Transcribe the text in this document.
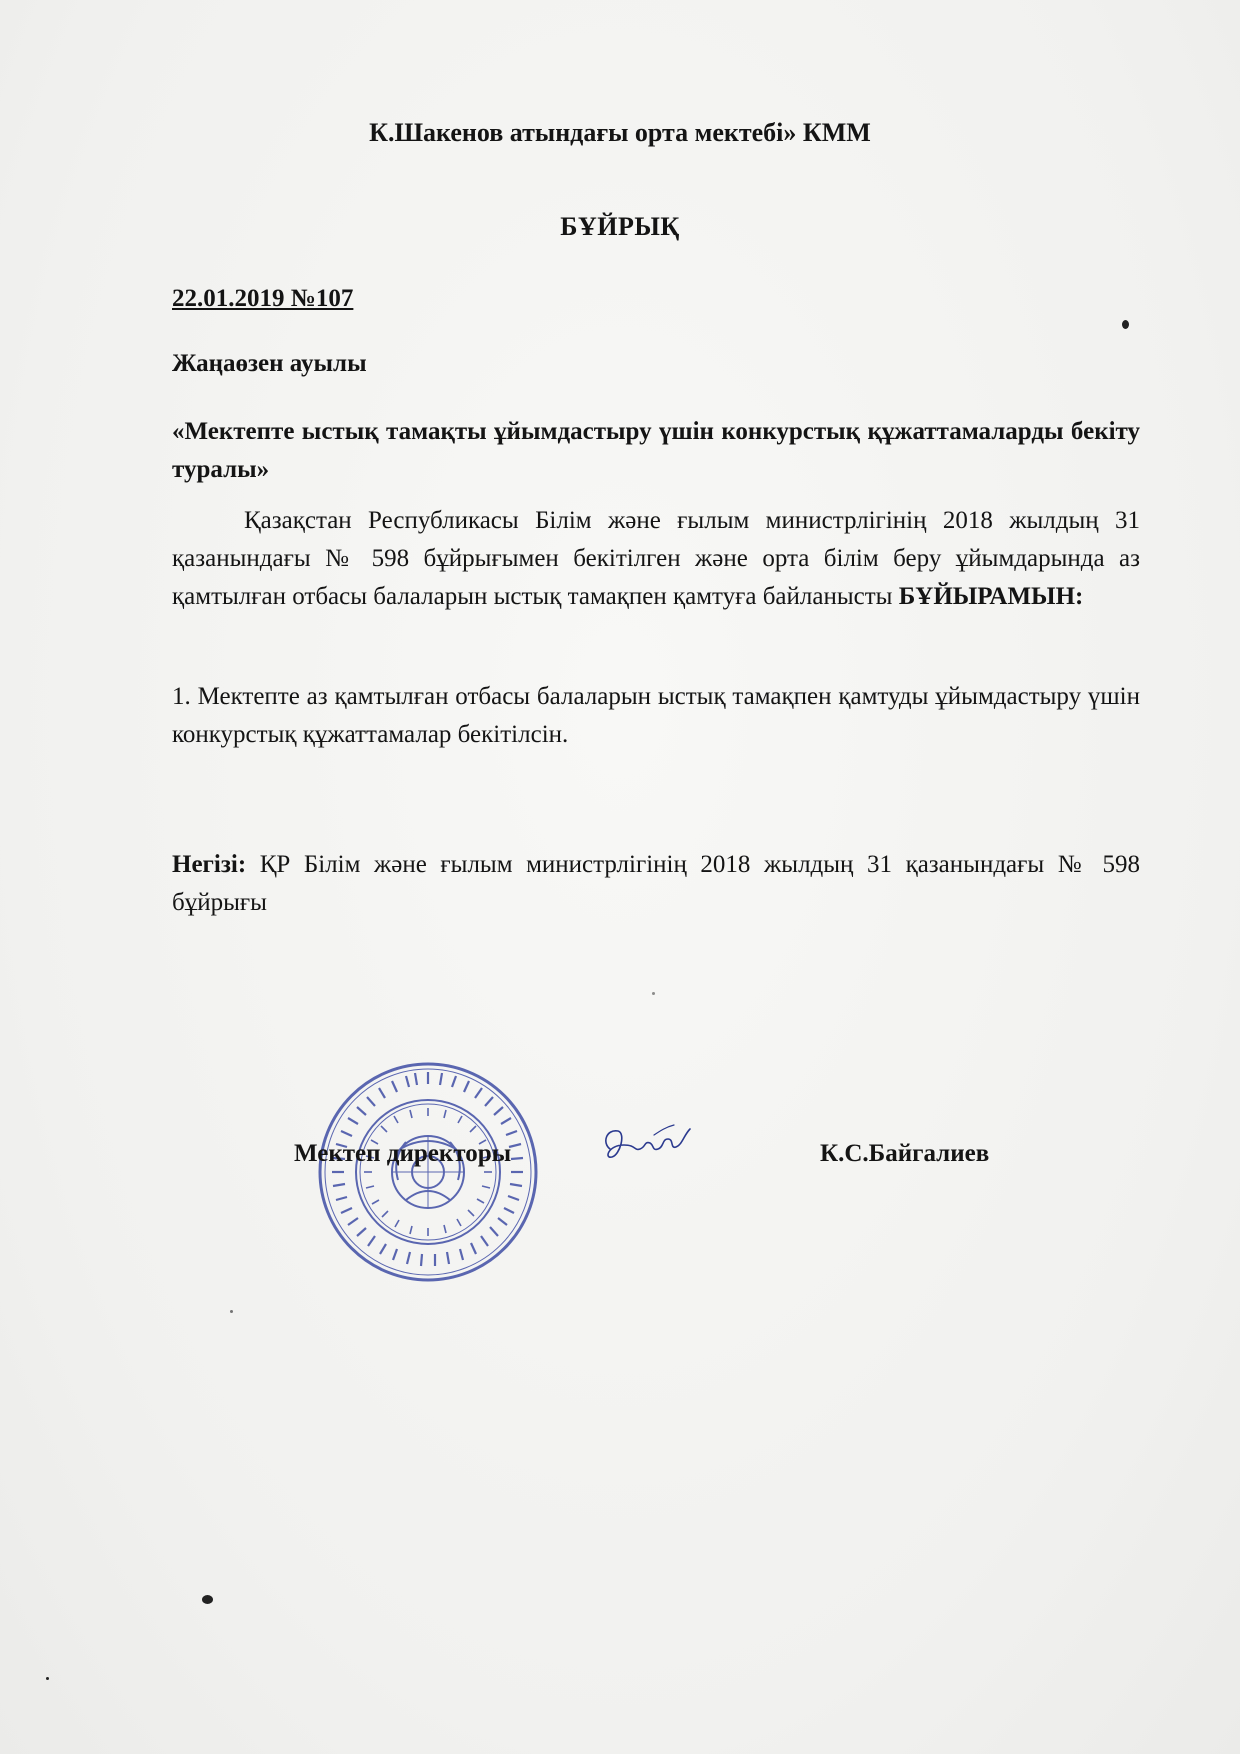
К.Шакенов атындағы орта мектебі» КММ
БҰЙРЫҚ
22.01.2019 №107
Жаңаөзен ауылы
«Мектепте ыстық тамақты ұйымдастыру үшін конкурстық құжаттамаларды бекіту туралы»
Қазақстан Республикасы Білім және ғылым министрлігінің 2018 жылдың 31 қазанындағы № 598 бұйрығымен бекітілген және орта білім беру ұйымдарында аз қамтылған отбасы балаларын ыстық тамақпен қамтуға байланысты БҰЙЫРАМЫН:
1. Мектепте аз қамтылған отбасы балаларын ыстық тамақпен қамтуды ұйымдастыру үшін конкурстық құжаттамалар бекітілсін.
Негізі: ҚР Білім және ғылым министрлігінің 2018 жылдың 31 қазанындағы № 598 бұйрығы
Мектеп директоры	К.С.Байгалиев
